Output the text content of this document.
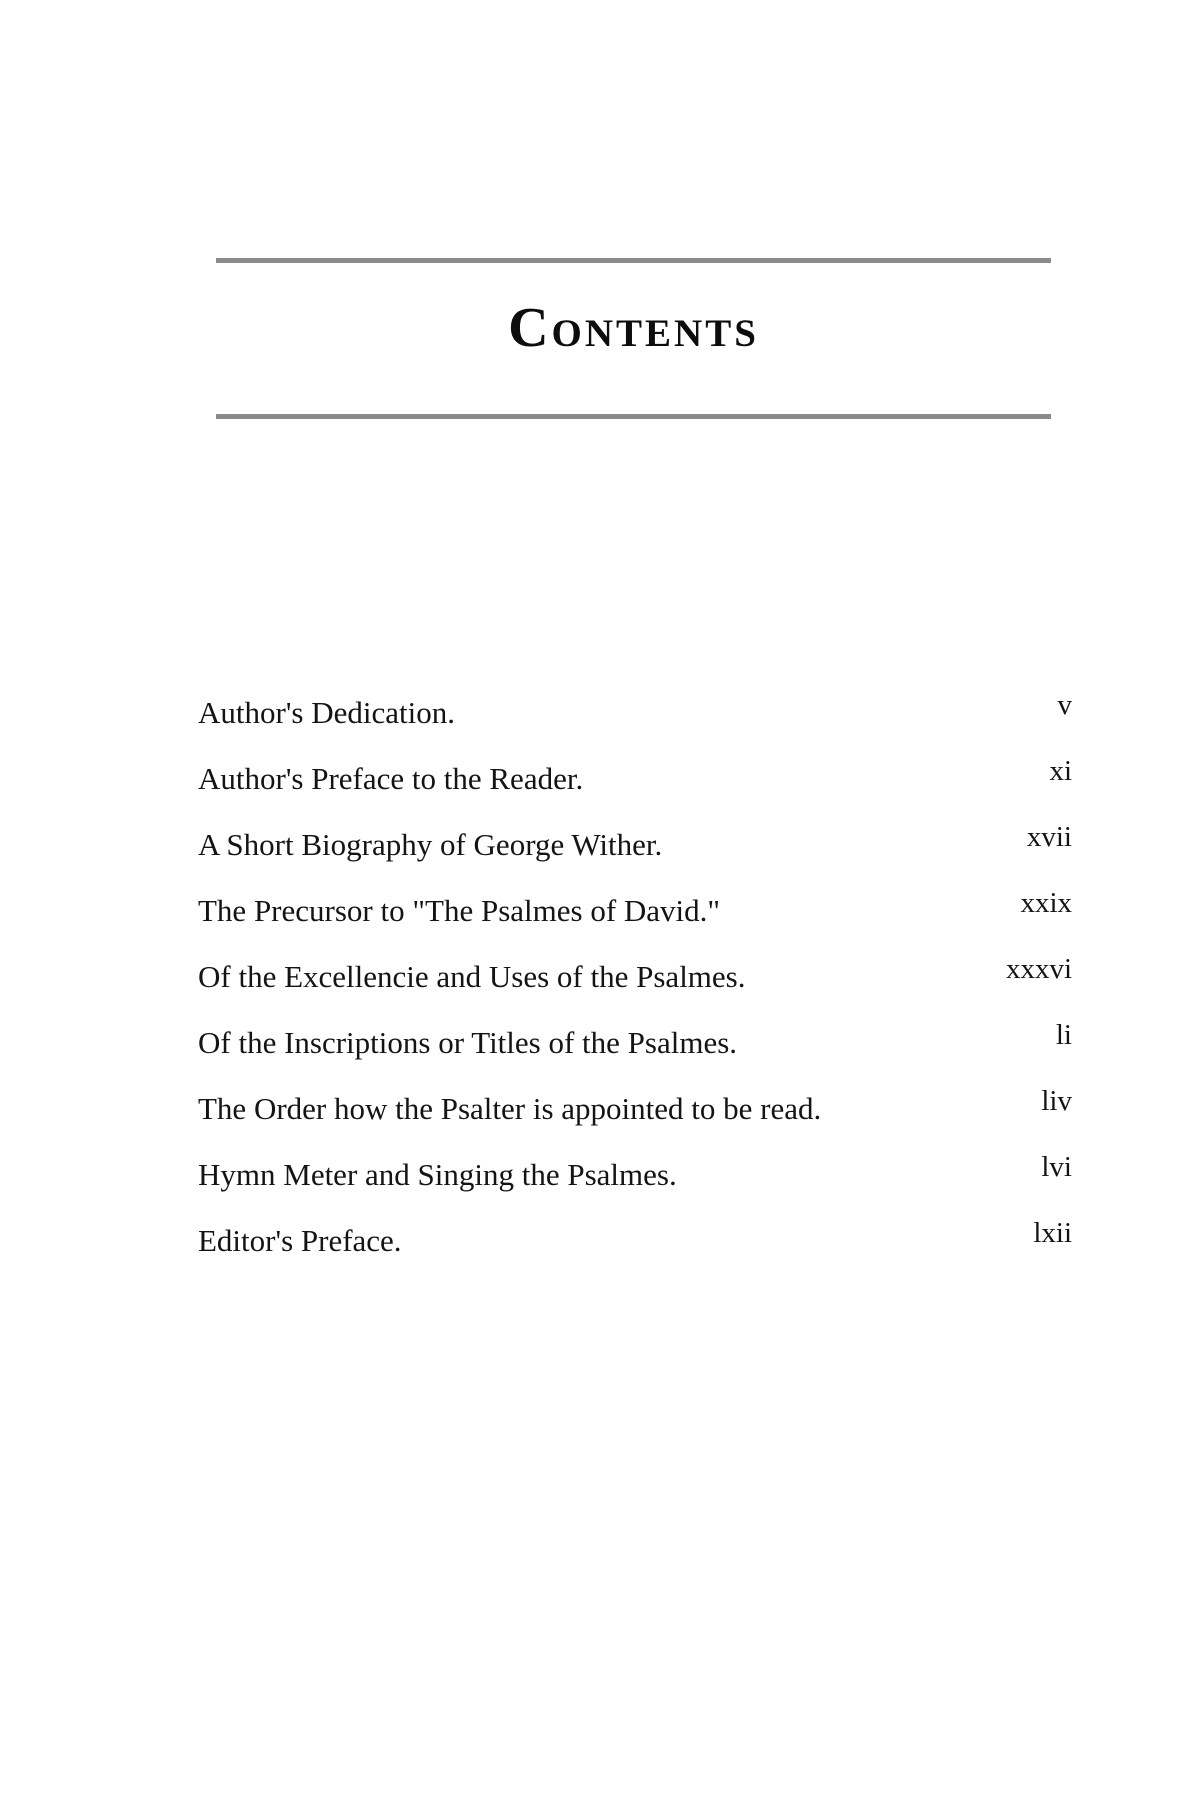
Contents
Author's Dedication.	v
Author's Preface to the Reader.	xi
A Short Biography of George Wither.	xvii
The Precursor to "The Psalmes of David."	xxix
Of the Excellencie and Uses of the Psalmes.	xxxvi
Of the Inscriptions or Titles of the Psalmes.	li
The Order how the Psalter is appointed to be read.	liv
Hymn Meter and Singing the Psalmes.	lvi
Editor's Preface.	lxii
